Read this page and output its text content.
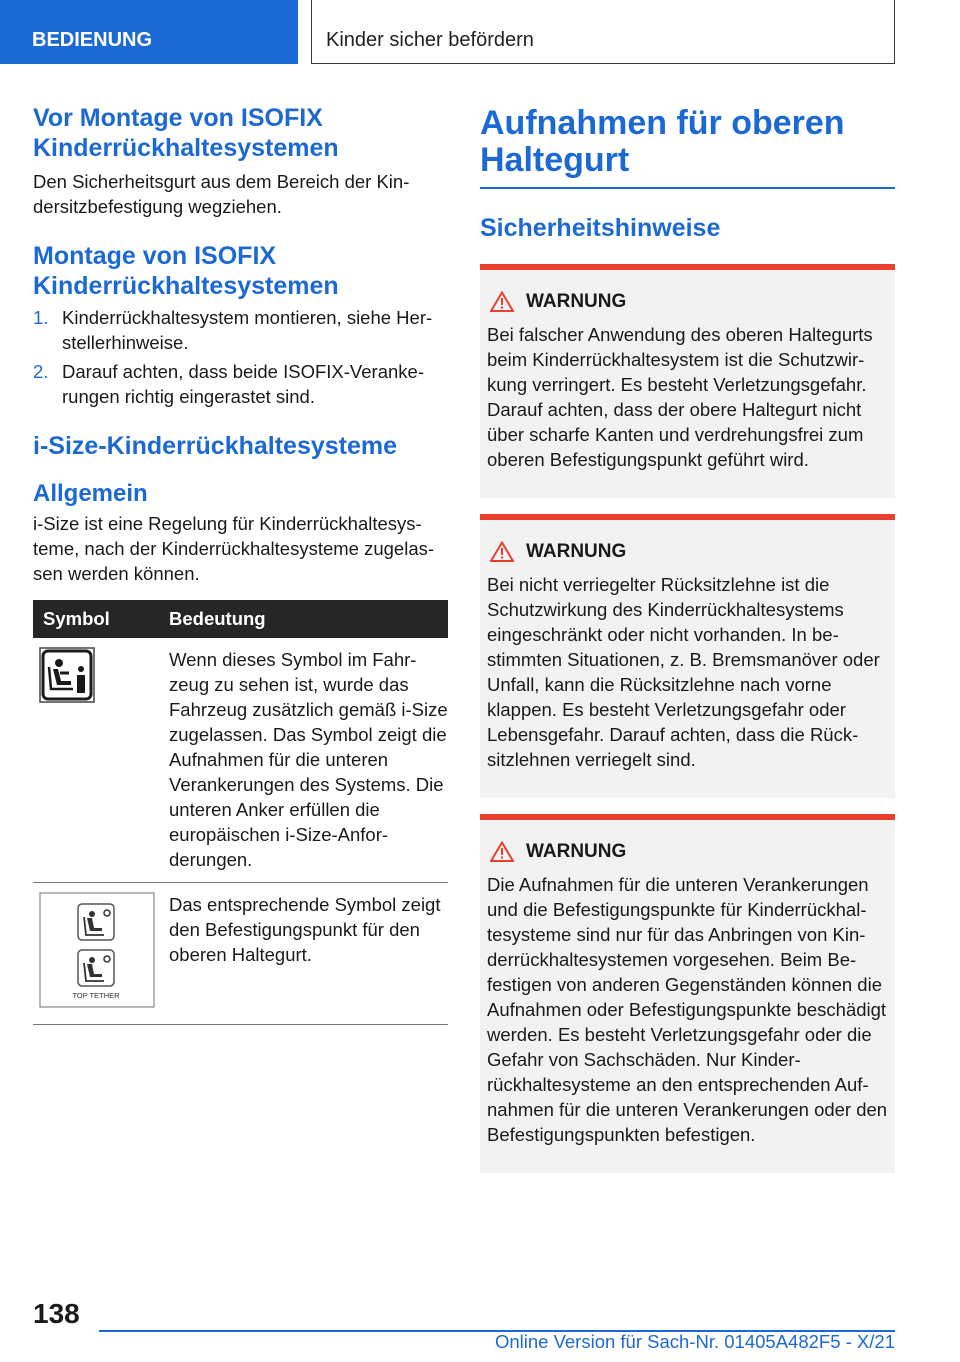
BEDIENUNG	Kinder sicher befördern
Vor Montage von ISOFIX Kinderrückhaltesystemen

Den Sicherheitsgurt aus dem Bereich der Kindersitzbefestigung wegziehen.

Montage von ISOFIX Kinderrückhaltesystemen
1. Kinderrückhaltesystem montieren, siehe Herstellerhinweise.
2. Darauf achten, dass beide ISOFIX-Verankerungen richtig eingerastet sind.
i-Size-Kinderrückhaltesysteme
Allgemein

i-Size ist eine Regelung für Kinderrückhaltesysteme, nach der Kinderrückhaltesysteme zugelassen werden können.

Symbol	Bedeutung
	Wenn dieses Symbol im Fahrzeug zu sehen ist, wurde das Fahrzeug zusätzlich gemäß i-Size zugelassen. Das Symbol zeigt die Aufnahmen für die unteren Verankerungen des Systems. Die unteren Anker erfüllen die europäischen i-Size-Anforderungen.

TOP TETHER	Das entsprechende Symbol zeigt den Befestigungspunkt für den oberen Haltegurt.
Aufnahmen für oberen Haltegurt
Sicherheitshinweise
WARNUNG

Bei falscher Anwendung des oberen Haltegurts beim Kinderrückhaltesystem ist die Schutzwirkung verringert. Es besteht Verletzungsgefahr. Darauf achten, dass der obere Haltegurt nicht über scharfe Kanten und verdrehungsfrei zum oberen Befestigungspunkt geführt wird.

WARNUNG

Bei nicht verriegelter Rücksitzlehne ist die Schutzwirkung des Kinderrückhaltesystems eingeschränkt oder nicht vorhanden. In bestimmten Situationen, z. B. Bremsmanöver oder Unfall, kann die Rücksitzlehne nach vorne klappen. Es besteht Verletzungsgefahr oder Lebensgefahr. Darauf achten, dass die Rücksitzlehnen verriegelt sind.

WARNUNG

Die Aufnahmen für die unteren Verankerungen und die Befestigungspunkte für Kinderrückhaltesysteme sind nur für das Anbringen von Kinderrückhaltesystemen vorgesehen. Beim Befestigen von anderen Gegenständen können die Aufnahmen oder Befestigungspunkte beschädigt werden. Es besteht Verletzungsgefahr oder die Gefahr von Sachschäden. Nur Kinderrückhaltesysteme an den entsprechenden Aufnahmen für die unteren Verankerungen oder den Befestigungspunkten befestigen.

138
Online Version für Sach-Nr. 01405A482F5 - X/21
